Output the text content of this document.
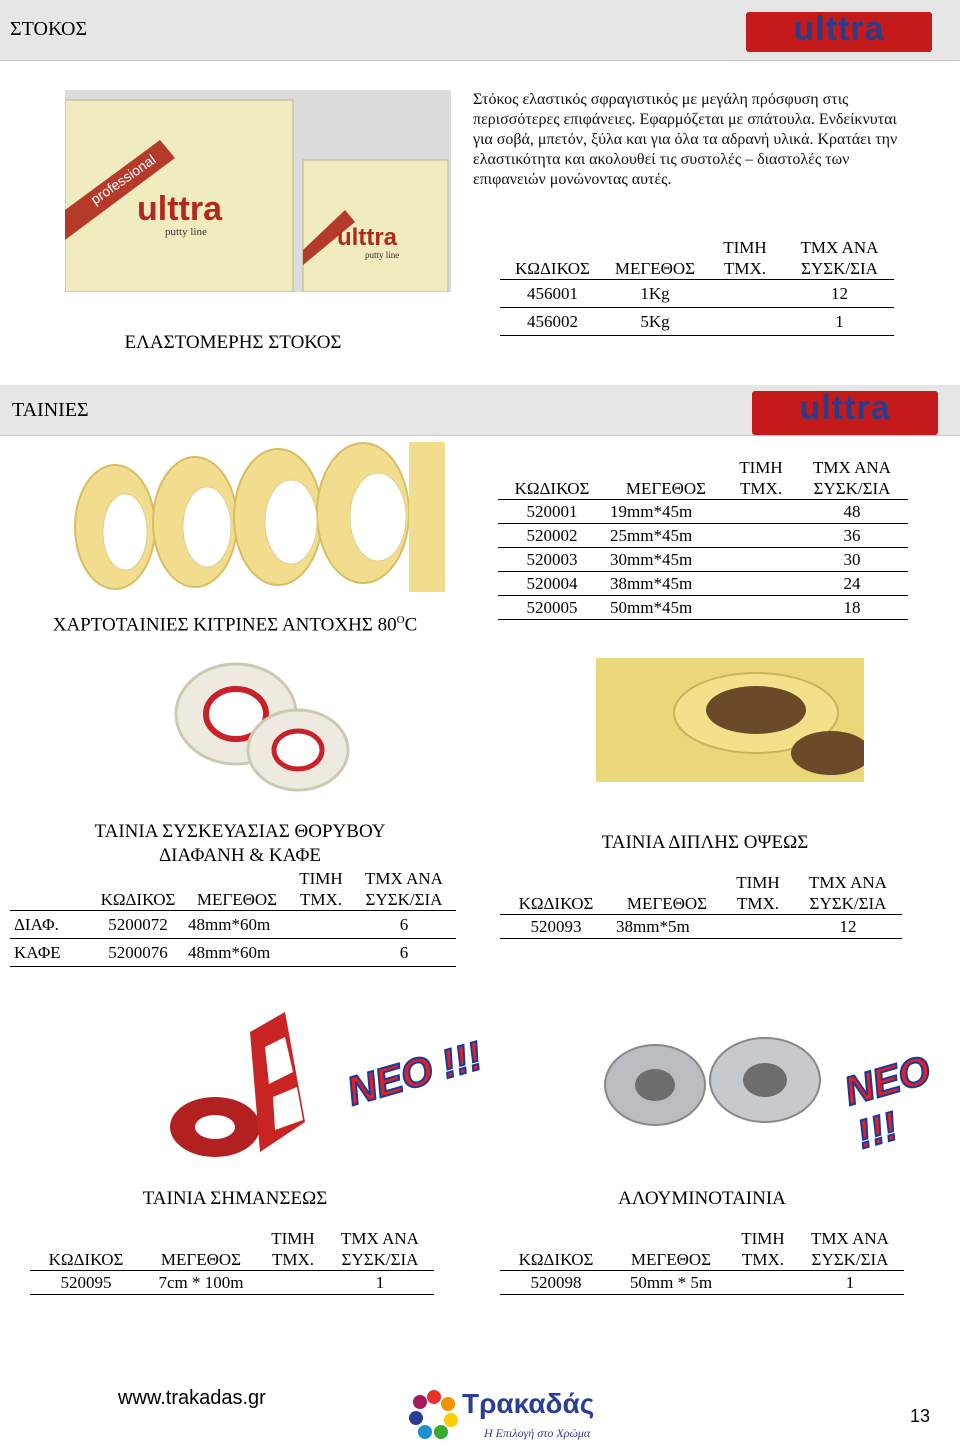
ΣΤΟΚΟΣ	ulttra
professional
ulttra
putty line	ulttra
putty line
Στόκος ελαστικός σφραγιστικός με μεγάλη πρόσφυση στις περισσότερες επιφάνειες. Εφαρμόζεται με σπάτουλα. Ενδείκνυται για σοβά, μπετόν, ξύλα και για όλα τα αδρανή υλικά. Κρατάει την ελαστικότητα και ακολουθεί τις συστολές – διαστολές των επιφανειών μονώνοντας αυτές.
ΕΛΑΣΤΟΜΕΡΗΣ ΣΤΟΚΟΣ
ΚΩΔΙΚΟΣ	ΜΕΓΕΘΟΣ	ΤΙΜΗ
ΤΜΧ.	ΤΜΧ ΑΝΑ
ΣΥΣΚ/ΣΙΑ
456001	1Kg		12
456002	5Kg		1
ΤΑΙΝΙΕΣ	ulttra
ΧΑΡΤΟΤΑΙΝΙΕΣ ΚΙΤΡΙΝΕΣ ΑΝΤΟΧΗΣ $80^OC$
ΚΩΔΙΚΟΣ	ΜΕΓΕΘΟΣ	ΤΙΜΗ
ΤΜΧ.	ΤΜΧ ΑΝΑ
ΣΥΣΚ/ΣΙΑ
520001	19mm*45m		48
520002	25mm*45m		36
520003	30mm*45m		30
520004	38mm*45m		24
520005	50mm*45m		18
ΤΑΙΝΙΑ ΣΥΣΚΕΥΑΣΙΑΣ ΘΟΡΥΒΟΥ
ΔΙΑΦΑΝΗ & ΚΑΦΕ
	ΚΩΔΙΚΟΣ	ΜΕΓΕΘΟΣ	ΤΙΜΗ
ΤΜΧ.	ΤΜΧ ΑΝΑ
ΣΥΣΚ/ΣΙΑ
ΔΙΑΦ.	5200072	48mm*60m		6
ΚΑΦΕ	5200076	48mm*60m		6
ΤΑΙΝΙΑ ΔΙΠΛΗΣ ΟΨΕΩΣ
ΚΩΔΙΚΟΣ	ΜΕΓΕΘΟΣ	ΤΙΜΗ
ΤΜΧ.	ΤΜΧ ΑΝΑ
ΣΥΣΚ/ΣΙΑ
520093	38mm*5m		12
ΝΕΟ !!!	ΝΕΟ !!!
ΤΑΙΝΙΑ ΣΗΜΑΝΣΕΩΣ
ΚΩΔΙΚΟΣ	ΜΕΓΕΘΟΣ	ΤΙΜΗ
ΤΜΧ.	ΤΜΧ ΑΝΑ
ΣΥΣΚ/ΣΙΑ
520095	7cm * 100m		1
ΑΛΟΥΜΙΝΟΤΑΙΝΙΑ
ΚΩΔΙΚΟΣ	ΜΕΓΕΘΟΣ	ΤΙΜΗ
ΤΜΧ.	ΤΜΧ ΑΝΑ
ΣΥΣΚ/ΣΙΑ
520098	50mm * 5m		1
www.trakadas.gr	Τρακαδάς
Η Επιλογή στο Χρώμα
13
